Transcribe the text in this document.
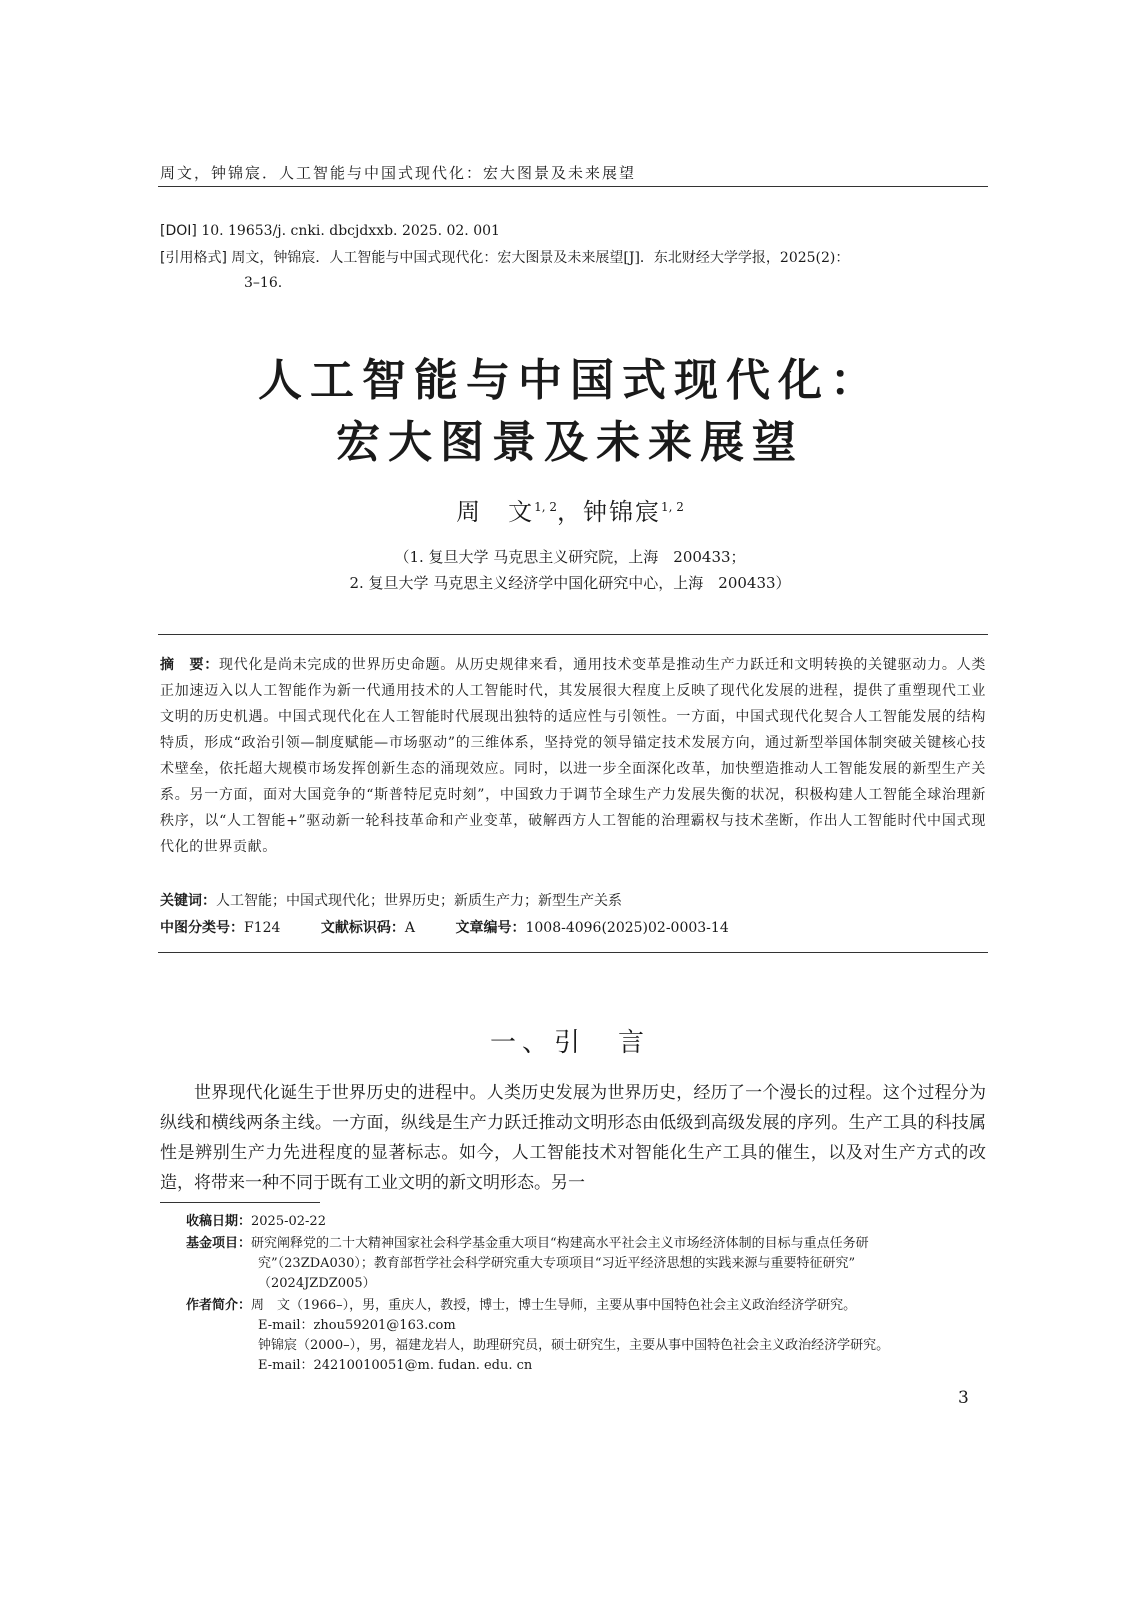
周文，钟锦宸．人工智能与中国式现代化：宏大图景及未来展望
[DOI] 10. 19653/j. cnki. dbcjdxxb. 2025. 02. 001
[引用格式] 周文，钟锦宸．人工智能与中国式现代化：宏大图景及未来展望[J]．东北财经大学学报，2025(2)：
3–16.
人工智能与中国式现代化：
宏大图景及未来展望
周　文$^{1, 2}$，钟锦宸$^{1, 2}$
（1. 复旦大学 马克思主义研究院，上海　200433；
2. 复旦大学 马克思主义经济学中国化研究中心，上海　200433）
摘　要：现代化是尚未完成的世界历史命题。从历史规律来看，通用技术变革是推动生产力跃迁和文明转换的关键驱动力。人类正加速迈入以人工智能作为新一代通用技术的人工智能时代，其发展很大程度上反映了现代化发展的进程，提供了重塑现代工业文明的历史机遇。中国式现代化在人工智能时代展现出独特的适应性与引领性。一方面，中国式现代化契合人工智能发展的结构特质，形成“政治引领—制度赋能—市场驱动”的三维体系，坚持党的领导锚定技术发展方向，通过新型举国体制突破关键核心技术壁垒，依托超大规模市场发挥创新生态的涌现效应。同时，以进一步全面深化改革，加快塑造推动人工智能发展的新型生产关系。另一方面，面对大国竞争的“斯普特尼克时刻”，中国致力于调节全球生产力发展失衡的状况，积极构建人工智能全球治理新秩序，以“人工智能+”驱动新一轮科技革命和产业变革，破解西方人工智能的治理霸权与技术垄断，作出人工智能时代中国式现代化的世界贡献。
关键词：人工智能；中国式现代化；世界历史；新质生产力；新型生产关系
中图分类号：F124	文献标识码：A	文章编号：1008-4096(2025)02-0003-14
一、引　言
世界现代化诞生于世界历史的进程中。人类历史发展为世界历史，经历了一个漫长的过程。这个过程分为纵线和横线两条主线。一方面，纵线是生产力跃迁推动文明形态由低级到高级发展的序列。生产工具的科技属性是辨别生产力先进程度的显著标志。如今，人工智能技术对智能化生产工具的催生，以及对生产方式的改造，将带来一种不同于既有工业文明的新文明形态。另一
收稿日期：2025-02-22
基金项目：研究阐释党的二十大精神国家社会科学基金重大项目“构建高水平社会主义市场经济体制的目标与重点任务研
究”（23ZDA030）；教育部哲学社会科学研究重大专项项目“习近平经济思想的实践来源与重要特征研究”
（2024JZDZ005）
作者简介：周　文（1966–），男，重庆人，教授，博士，博士生导师，主要从事中国特色社会主义政治经济学研究。
E-mail：zhou59201@163.com
钟锦宸（2000–），男，福建龙岩人，助理研究员，硕士研究生，主要从事中国特色社会主义政治经济学研究。
E-mail：24210010051@m. fudan. edu. cn
3
